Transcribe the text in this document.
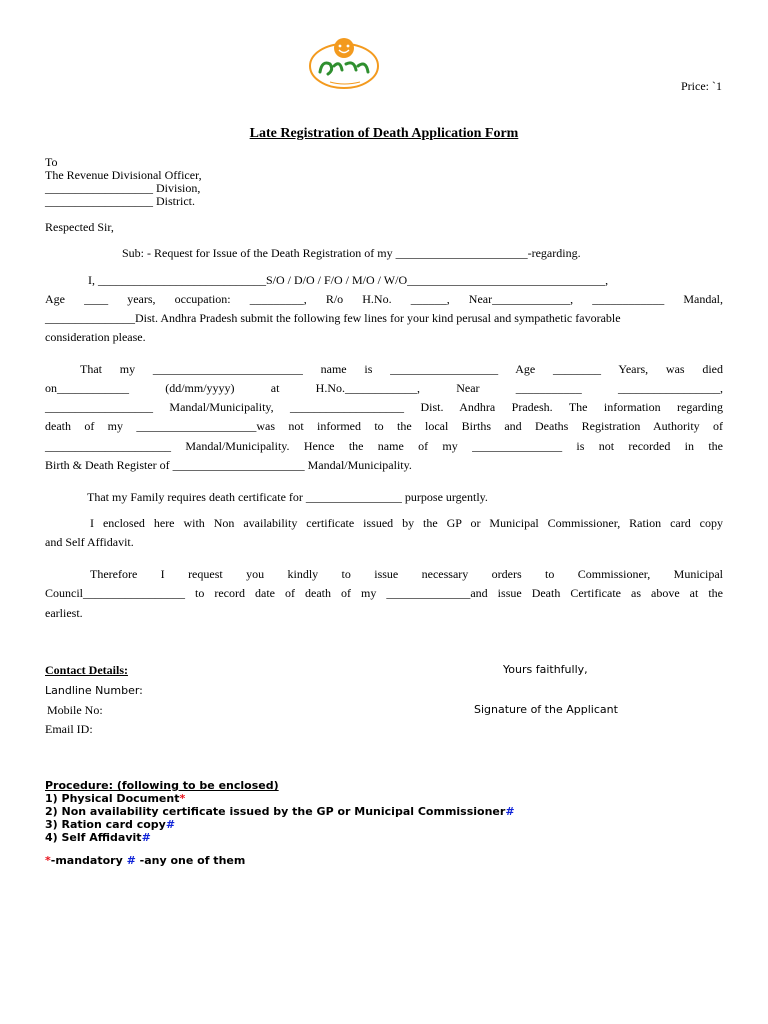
Price: `1
Late Registration of Death Application Form
To
The Revenue Divisional Officer,
__________________ Division,
__________________ District.
Respected Sir,
Sub: - Request for Issue of the Death Registration of my ______________________-regarding.
I, ____________________________S/O / D/O / F/O / M/O / W/O_________________________________,
Age ____ years, occupation: _________, R/o H.No. ______, Near_____________, ____________ Mandal,
_______________Dist. Andhra Pradesh submit the following few lines for your kind perusal and sympathetic favorable
consideration please.
That my _________________________ name is __________________ Age ________ Years, was died
on____________ (dd/mm/yyyy) at H.No.____________, Near ___________ _________________,
__________________ Mandal/Municipality, ___________________ Dist. Andhra Pradesh. The information regarding
death of my ____________________was not informed to the local Births and Deaths Registration Authority of
_____________________ Mandal/Municipality. Hence the name of my _______________ is not recorded in the
Birth & Death Register of ______________________ Mandal/Municipality.
That my Family requires death certificate for ________________ purpose urgently.
I enclosed here with Non availability certificate issued by the GP or Municipal Commissioner, Ration card copy
and Self Affidavit.
Therefore I request you kindly to issue necessary orders to Commissioner, Municipal
Council_________________ to record date of death of my ______________and issue Death Certificate as above at the
earliest.
Contact Details:
Landline Number:
Mobile No:
Email ID:
Yours faithfully,
Signature of the Applicant
Procedure: (following to be enclosed)
1) Physical Document*
2) Non availability certificate issued by the GP or Municipal Commissioner#
3) Ration card copy#
4) Self Affidavit#
*-mandatory # -any one of them
